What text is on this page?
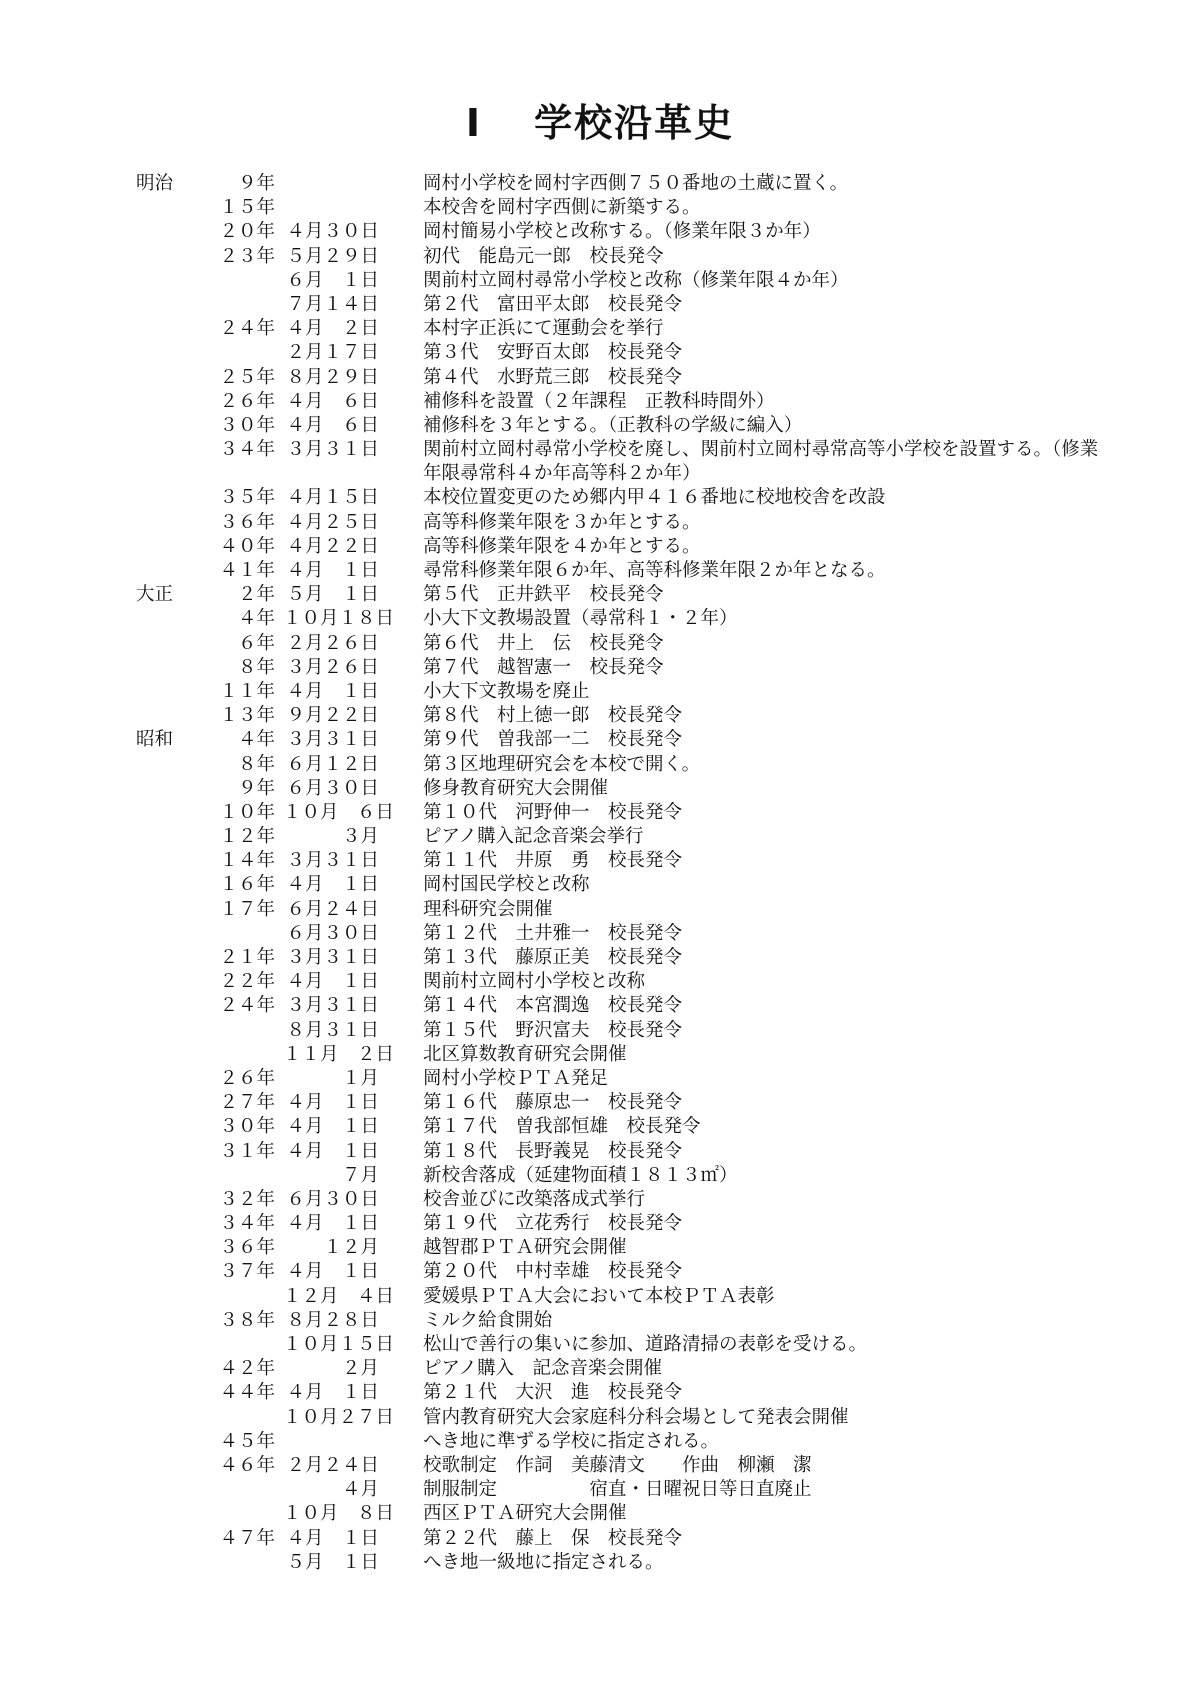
Ⅰ 学校沿革史
明治	９年	岡村小学校を岡村字西側７５０番地の土蔵に置く。
１５年	本校舎を岡村字西側に新築する。
２０年 ４月３０日 岡村簡易小学校と改称する。（修業年限３か年）
２３年 ５月２９日 初代　能島元一郎　校長発令
６月　１日 関前村立岡村尋常小学校と改称（修業年限４か年）
７月１４日 第２代　富田平太郎　校長発令
２４年 ４月　２日 本村字正浜にて運動会を挙行
２月１７日 第３代　安野百太郎　校長発令
２５年 ８月２９日 第４代　水野荒三郎　校長発令
２６年 ４月　６日 補修科を設置（２年課程　正教科時間外）
３０年 ４月　６日 補修科を３年とする。（正教科の学級に編入）
３４年 ３月３１日 関前村立岡村尋常小学校を廃し、関前村立岡村尋常高等小学校を設置する。（修業年限尋常科４か年高等科２か年）
３５年 ４月１５日 本校位置変更のため郷内甲４１６番地に校地校舎を改設
３６年 ４月２５日 高等科修業年限を３か年とする。
４０年 ４月２２日 高等科修業年限を４か年とする。
４１年 ４月　１日 尋常科修業年限６か年、高等科修業年限２か年となる。
大正	２年 ５月　１日 第５代　正井鉄平　校長発令
４年 １０月１８日 小大下文教場設置（尋常科１・２年）
６年 ２月２６日 第６代　井上　伝　校長発令
８年 ３月２６日 第７代　越智憲一　校長発令
１１年 ４月　１日 小大下文教場を廃止
１３年 ９月２２日 第８代　村上徳一郎　校長発令
昭和	４年 ３月３１日 第９代　曽我部一二　校長発令
８年 ６月１２日 第３区地理研究会を本校で開く。
９年 ６月３０日 修身教育研究大会開催
１０年 １０月　６日 第１０代　河野伸一　校長発令
１２年	３月 ピアノ購入記念音楽会挙行
１４年 ３月３１日 第１１代　井原　勇　校長発令
１６年 ４月　１日 岡村国民学校と改称
１７年 ６月２４日 理科研究会開催
６月３０日 第１２代　土井雅一　校長発令
２１年 ３月３１日 第１３代　藤原正美　校長発令
２２年 ４月　１日 関前村立岡村小学校と改称
２４年 ３月３１日 第１４代　本宮潤逸　校長発令
８月３１日 第１５代　野沢富夫　校長発令
１１月　２日 北区算数教育研究会開催
２６年	１月 岡村小学校ＰＴＡ発足
２７年 ４月　１日 第１６代　藤原忠一　校長発令
３０年 ４月　１日 第１７代　曽我部恒雄　校長発令
３１年 ４月　１日 第１８代　長野義晃　校長発令
７月 新校舎落成（延建物面積１８１３㎡）
３２年 ６月３０日 校舎並びに改築落成式挙行
３４年 ４月　１日 第１９代　立花秀行　校長発令
３６年	１２月 越智郡ＰＴＡ研究会開催
３７年 ４月　１日 第２０代　中村幸雄　校長発令
１２月　４日 愛媛県ＰＴＡ大会において本校ＰＴＡ表彰
３８年 ８月２８日 ミルク給食開始
１０月１５日 松山で善行の集いに参加、道路清掃の表彰を受ける。
４２年	２月 ピアノ購入　記念音楽会開催
４４年 ４月　１日 第２１代　大沢　進　校長発令
１０月２７日 管内教育研究大会家庭科分科会場として発表会開催
４５年	へき地に準ずる学校に指定される。
４６年 ２月２４日 校歌制定　作詞　美藤清文　　作曲　柳瀬　潔
４月 制服制定　　　　　宿直・日曜祝日等日直廃止
１０月　８日 西区ＰＴＡ研究大会開催
４７年 ４月　１日 第２２代　藤上　保　校長発令
５月　１日 へき地一級地に指定される。
